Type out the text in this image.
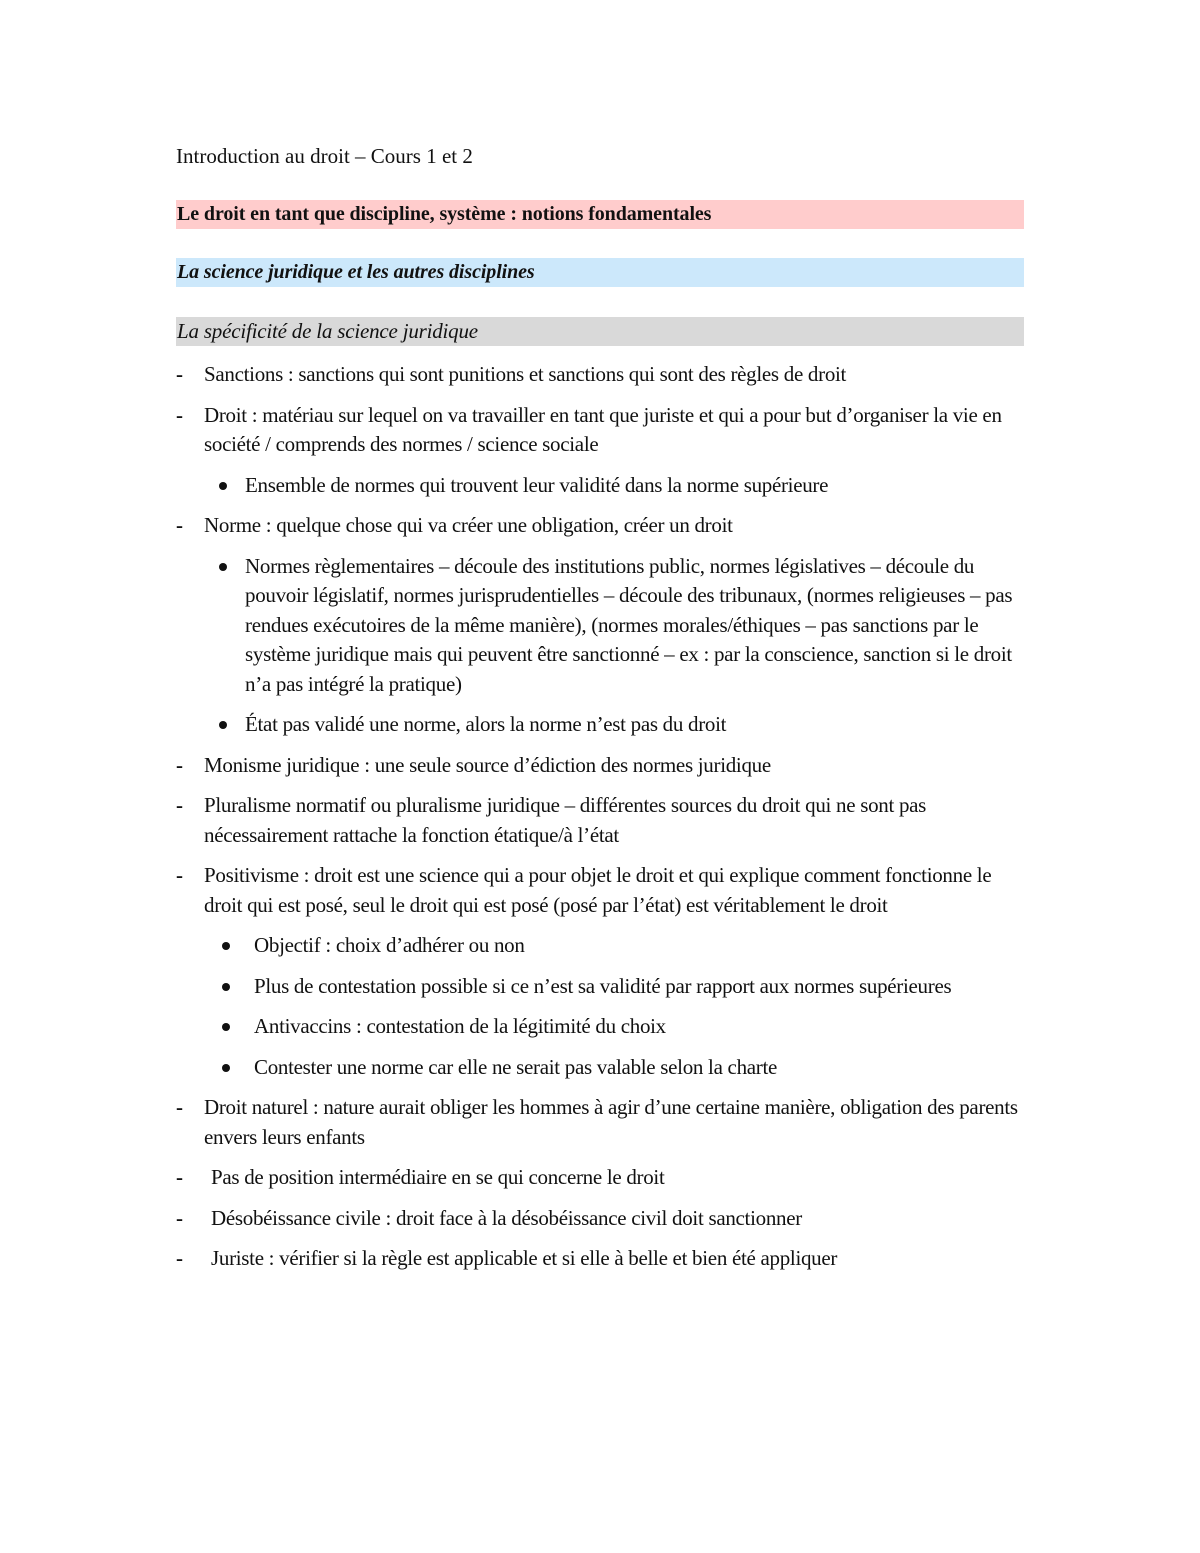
Introduction au droit – Cours 1 et 2
Le droit en tant que discipline, système : notions fondamentales
La science juridique et les autres disciplines
La spécificité de la science juridique
- Sanctions : sanctions qui sont punitions et sanctions qui sont des règles de droit
- Droit : matériau sur lequel on va travailler en tant que juriste et qui a pour but d’organiser la vie en société / comprends des normes / science sociale
Ensemble de normes qui trouvent leur validité dans la norme supérieure
- Norme : quelque chose qui va créer une obligation, créer un droit
Normes règlementaires – découle des institutions public, normes législatives – découle du pouvoir législatif, normes jurisprudentielles – découle des tribunaux, (normes religieuses – pas rendues exécutoires de la même manière), (normes morales/éthiques – pas sanctions par le système juridique mais qui peuvent être sanctionné – ex : par la conscience, sanction si le droit n’a pas intégré la pratique)
État pas validé une norme, alors la norme n’est pas du droit
- Monisme juridique : une seule source d’édiction des normes juridique
- Pluralisme normatif ou pluralisme juridique – différentes sources du droit qui ne sont pas nécessairement rattache la fonction étatique/à l’état
- Positivisme : droit est une science qui a pour objet le droit et qui explique comment fonctionne le droit qui est posé, seul le droit qui est posé (posé par l’état) est véritablement le droit
Objectif : choix d’adhérer ou non
Plus de contestation possible si ce n’est sa validité par rapport aux normes supérieures
Antivaccins : contestation de la légitimité du choix
Contester une norme car elle ne serait pas valable selon la charte
- Droit naturel : nature aurait obliger les hommes à agir d’une certaine manière, obligation des parents envers leurs enfants
- Pas de position intermédiaire en se qui concerne le droit
- Désobéissance civile : droit face à la désobéissance civil doit sanctionner
- Juriste : vérifier si la règle est applicable et si elle à belle et bien été appliquer
